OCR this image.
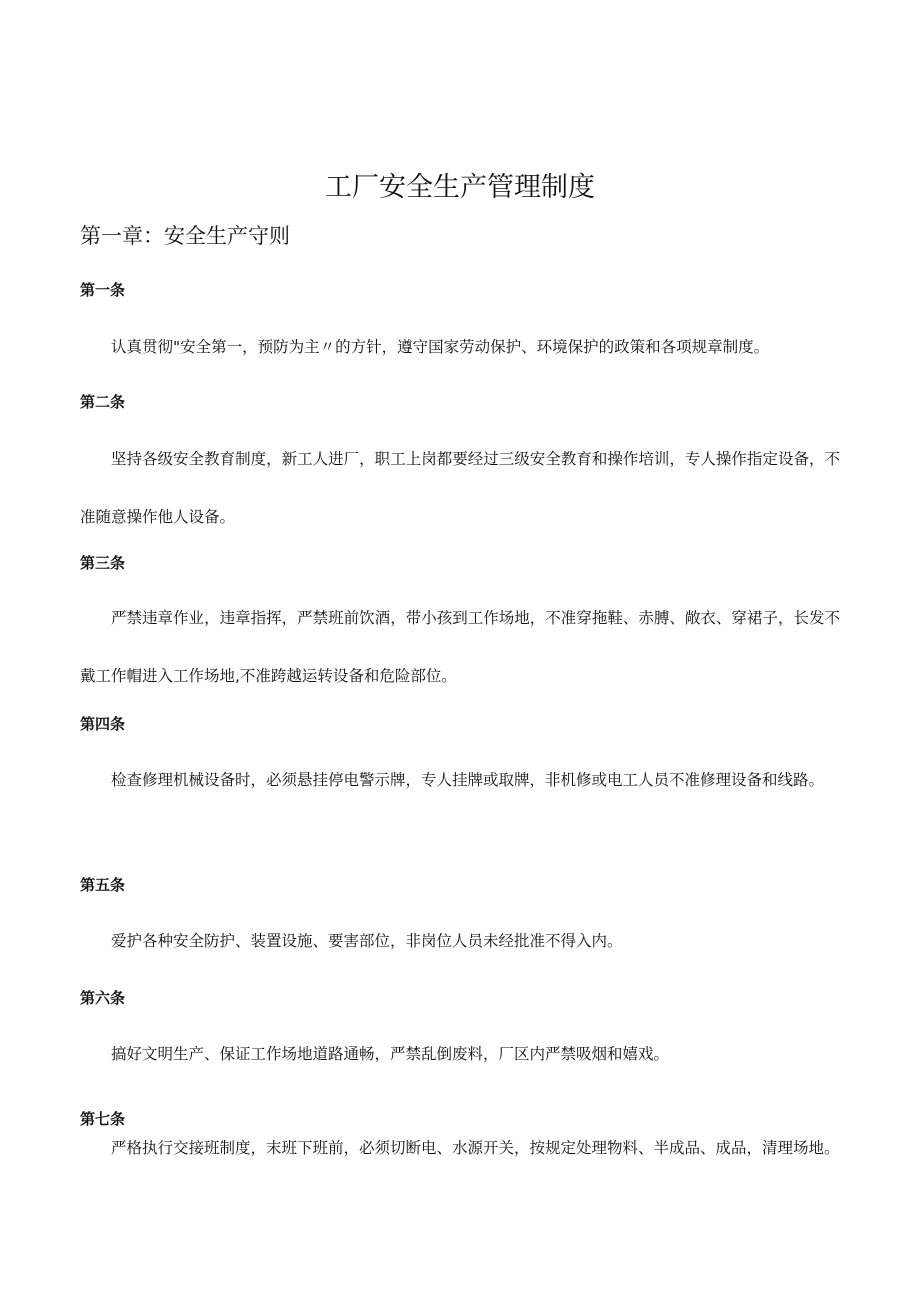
工厂安全生产管理制度
第一章：安全生产守则
第一条

认真贯彻"安全第一，预防为主〃的方针，遵守国家劳动保护、环境保护的政策和各项规章制度。

第二条

坚持各级安全教育制度，新工人进厂，职工上岗都要经过三级安全教育和操作培训，专人操作指定设备，不准随意操作他人设备。

第三条

严禁违章作业，违章指挥，严禁班前饮酒，带小孩到工作场地，不准穿拖鞋、赤膊、敞衣、穿裙子，长发不戴工作帽进入工作场地,不准跨越运转设备和危险部位。

第四条

检查修理机械设备时，必须悬挂停电警示牌，专人挂牌或取牌，非机修或电工人员不准修理设备和线路。

第五条

爱护各种安全防护、装置设施、要害部位，非岗位人员未经批准不得入内。

第六条

搞好文明生产、保证工作场地道路通畅，严禁乱倒废料，厂区内严禁吸烟和嬉戏。

第七条

严格执行交接班制度，末班下班前，必须切断电、水源开关，按规定处理物料、半成品、成品，清理场地。
